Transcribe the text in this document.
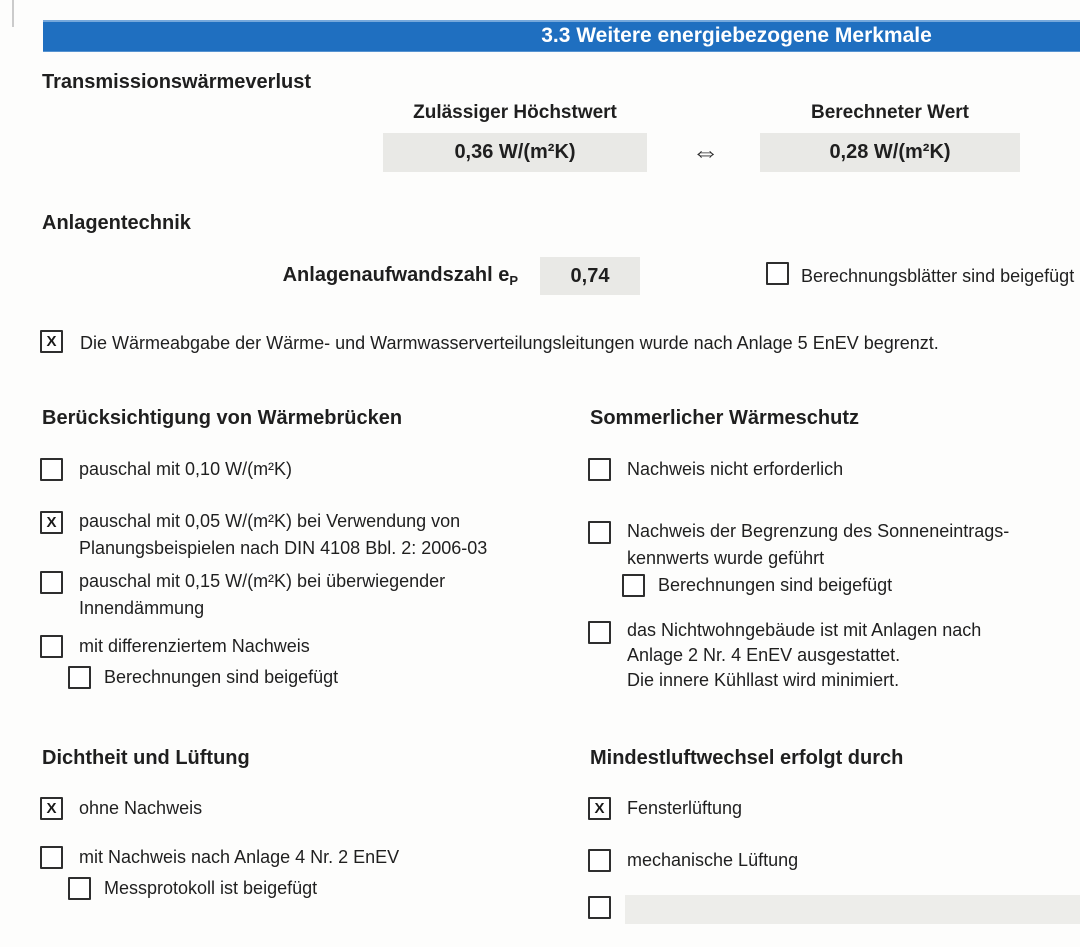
3.3 Weitere energiebezogene Merkmale
Transmissionswärmeverlust
Zulässiger Höchstwert	Berechneter Wert
0,36 W/(m²K)	⇔	0,28 W/(m²K)
Anlagentechnik
Anlagenaufwandszahl $e_P$	0,74	Berechnungsblätter sind beigefügt
X	Die Wärmeabgabe der Wärme- und Warmwasserverteilungsleitungen wurde nach Anlage 5 EnEV begrenzt.
Berücksichtigung von Wärmebrücken
pauschal mit 0,10 W/(m²K)
X	pauschal mit 0,05 W/(m²K) bei Verwendung von
Planungsbeispielen nach DIN 4108 Bbl. 2: 2006-03
pauschal mit 0,15 W/(m²K) bei überwiegender
Innendämmung
mit differenziertem Nachweis
Berechnungen sind beigefügt
Sommerlicher Wärmeschutz
Nachweis nicht erforderlich
Nachweis der Begrenzung des Sonneneintrags-
kennwerts wurde geführt
Berechnungen sind beigefügt
das Nichtwohngebäude ist mit Anlagen nach
Anlage 2 Nr. 4 EnEV ausgestattet.
Die innere Kühllast wird minimiert.
Dichtheit und Lüftung
X	ohne Nachweis
mit Nachweis nach Anlage 4 Nr. 2 EnEV
Messprotokoll ist beigefügt
Mindestluftwechsel erfolgt durch
X	Fensterlüftung
mechanische Lüftung
